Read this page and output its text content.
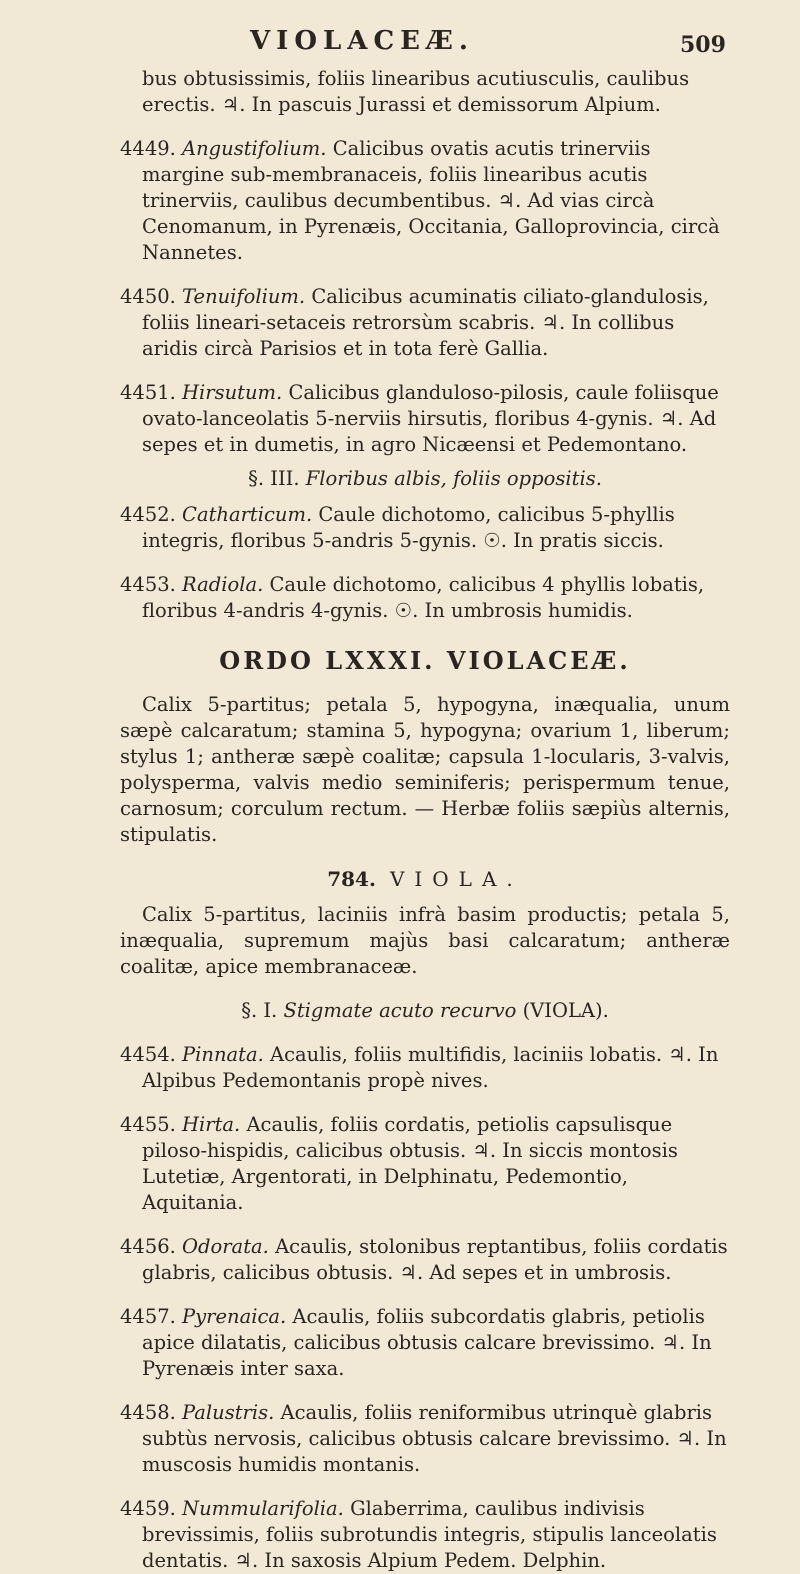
VIOLACEÆ.	509

bus obtusissimis, foliis linearibus acutiusculis, caulibus erectis. ♃. In pascuis Jurassi et demissorum Alpium.

4449. Angustifolium. Calicibus ovatis acutis trinerviis margine sub-membranaceis, foliis linearibus acutis trinerviis, caulibus decumbentibus. ♃. Ad vias circà Cenomanum, in Pyrenæis, Occitania, Galloprovincia, circà Nannetes.

4450. Tenuifolium. Calicibus acuminatis ciliato-glandulosis, foliis lineari-setaceis retrorsùm scabris. ♃. In collibus aridis circà Parisios et in tota ferè Gallia.

4451. Hirsutum. Calicibus glanduloso-pilosis, caule foliisque ovato-lanceolatis 5-nerviis hirsutis, floribus 4-gynis. ♃. Ad sepes et in dumetis, in agro Nicæensi et Pedemontano.

§. III. Floribus albis, foliis oppositis.

4452. Catharticum. Caule dichotomo, calicibus 5-phyllis integris, floribus 5-andris 5-gynis. ☉. In pratis siccis.

4453. Radiola. Caule dichotomo, calicibus 4 phyllis lobatis, floribus 4-andris 4-gynis. ☉. In umbrosis humidis.

ORDO LXXXI. VIOLACEÆ.

Calix 5-partitus; petala 5, hypogyna, inæqualia, unum sæpè calcaratum; stamina 5, hypogyna; ovarium 1, liberum; stylus 1; antheræ sæpè coalitæ; capsula 1-locularis, 3-valvis, polysperma, valvis medio seminiferis; perispermum tenue, carnosum; corculum rectum. — Herbæ foliis sæpiùs alternis, stipulatis.

784. VIOLA.

Calix 5-partitus, laciniis infrà basim productis; petala 5, inæqualia, supremum majùs basi calcaratum; antheræ coalitæ, apice membranaceæ.

§. I. Stigmate acuto recurvo (VIOLA).

4454. Pinnata. Acaulis, foliis multifidis, laciniis lobatis. ♃. In Alpibus Pedemontanis propè nives.

4455. Hirta. Acaulis, foliis cordatis, petiolis capsulisque piloso-hispidis, calicibus obtusis. ♃. In siccis montosis Lutetiæ, Argentorati, in Delphinatu, Pedemontio, Aquitania.

4456. Odorata. Acaulis, stolonibus reptantibus, foliis cordatis glabris, calicibus obtusis. ♃. Ad sepes et in umbrosis.

4457. Pyrenaica. Acaulis, foliis subcordatis glabris, petiolis apice dilatatis, calicibus obtusis calcare brevissimo. ♃. In Pyrenæis inter saxa.

4458. Palustris. Acaulis, foliis reniformibus utrinquè glabris subtùs nervosis, calicibus obtusis calcare brevissimo. ♃. In muscosis humidis montanis.

4459. Nummularifolia. Glaberrima, caulibus indivisis brevissimis, foliis subrotundis integris, stipulis lanceolatis dentatis. ♃. In saxosis Alpium Pedem. Delphin.
